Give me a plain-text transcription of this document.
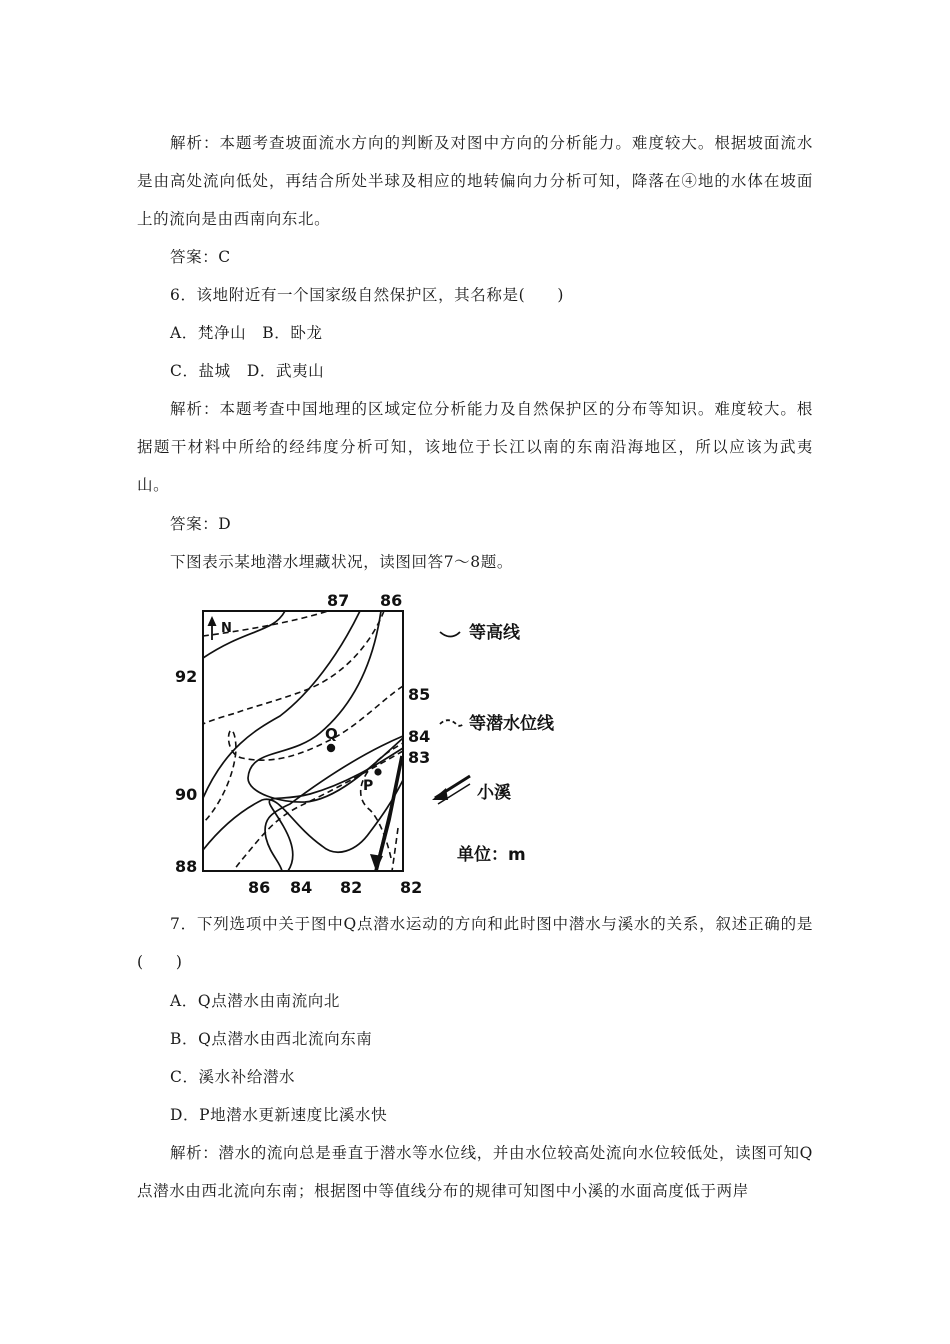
解析：本题考查坡面流水方向的判断及对图中方向的分析能力。难度较大。根据坡面流水是由高处流向低处，再结合所处半球及相应的地转偏向力分析可知，降落在④地的水体在坡面上的流向是由西南向东北。

答案：C

6．该地附近有一个国家级自然保护区，其名称是(　　)

A．梵净山　B．卧龙

C．盐城　D．武夷山

解析：本题考查中国地理的区域定位分析能力及自然保护区的分布等知识。难度较大。根据题干材料中所给的经纬度分析可知，该地位于长江以南的东南沿海地区，所以应该为武夷山。

答案：D

下图表示某地潜水埋藏状况，读图回答7～8题。

N
Q
P
87 86
92
90
88
85
84
83
86 84 82 82
等高线
等潜水位线
小溪
单位：m

7．下列选项中关于图中Q点潜水运动的方向和此时图中潜水与溪水的关系，叙述正确的是(　　)

A．Q点潜水由南流向北

B．Q点潜水由西北流向东南

C．溪水补给潜水

D．P地潜水更新速度比溪水快

解析：潜水的流向总是垂直于潜水等水位线，并由水位较高处流向水位较低处，读图可知Q点潜水由西北流向东南；根据图中等值线分布的规律可知图中小溪的水面高度低于两岸
